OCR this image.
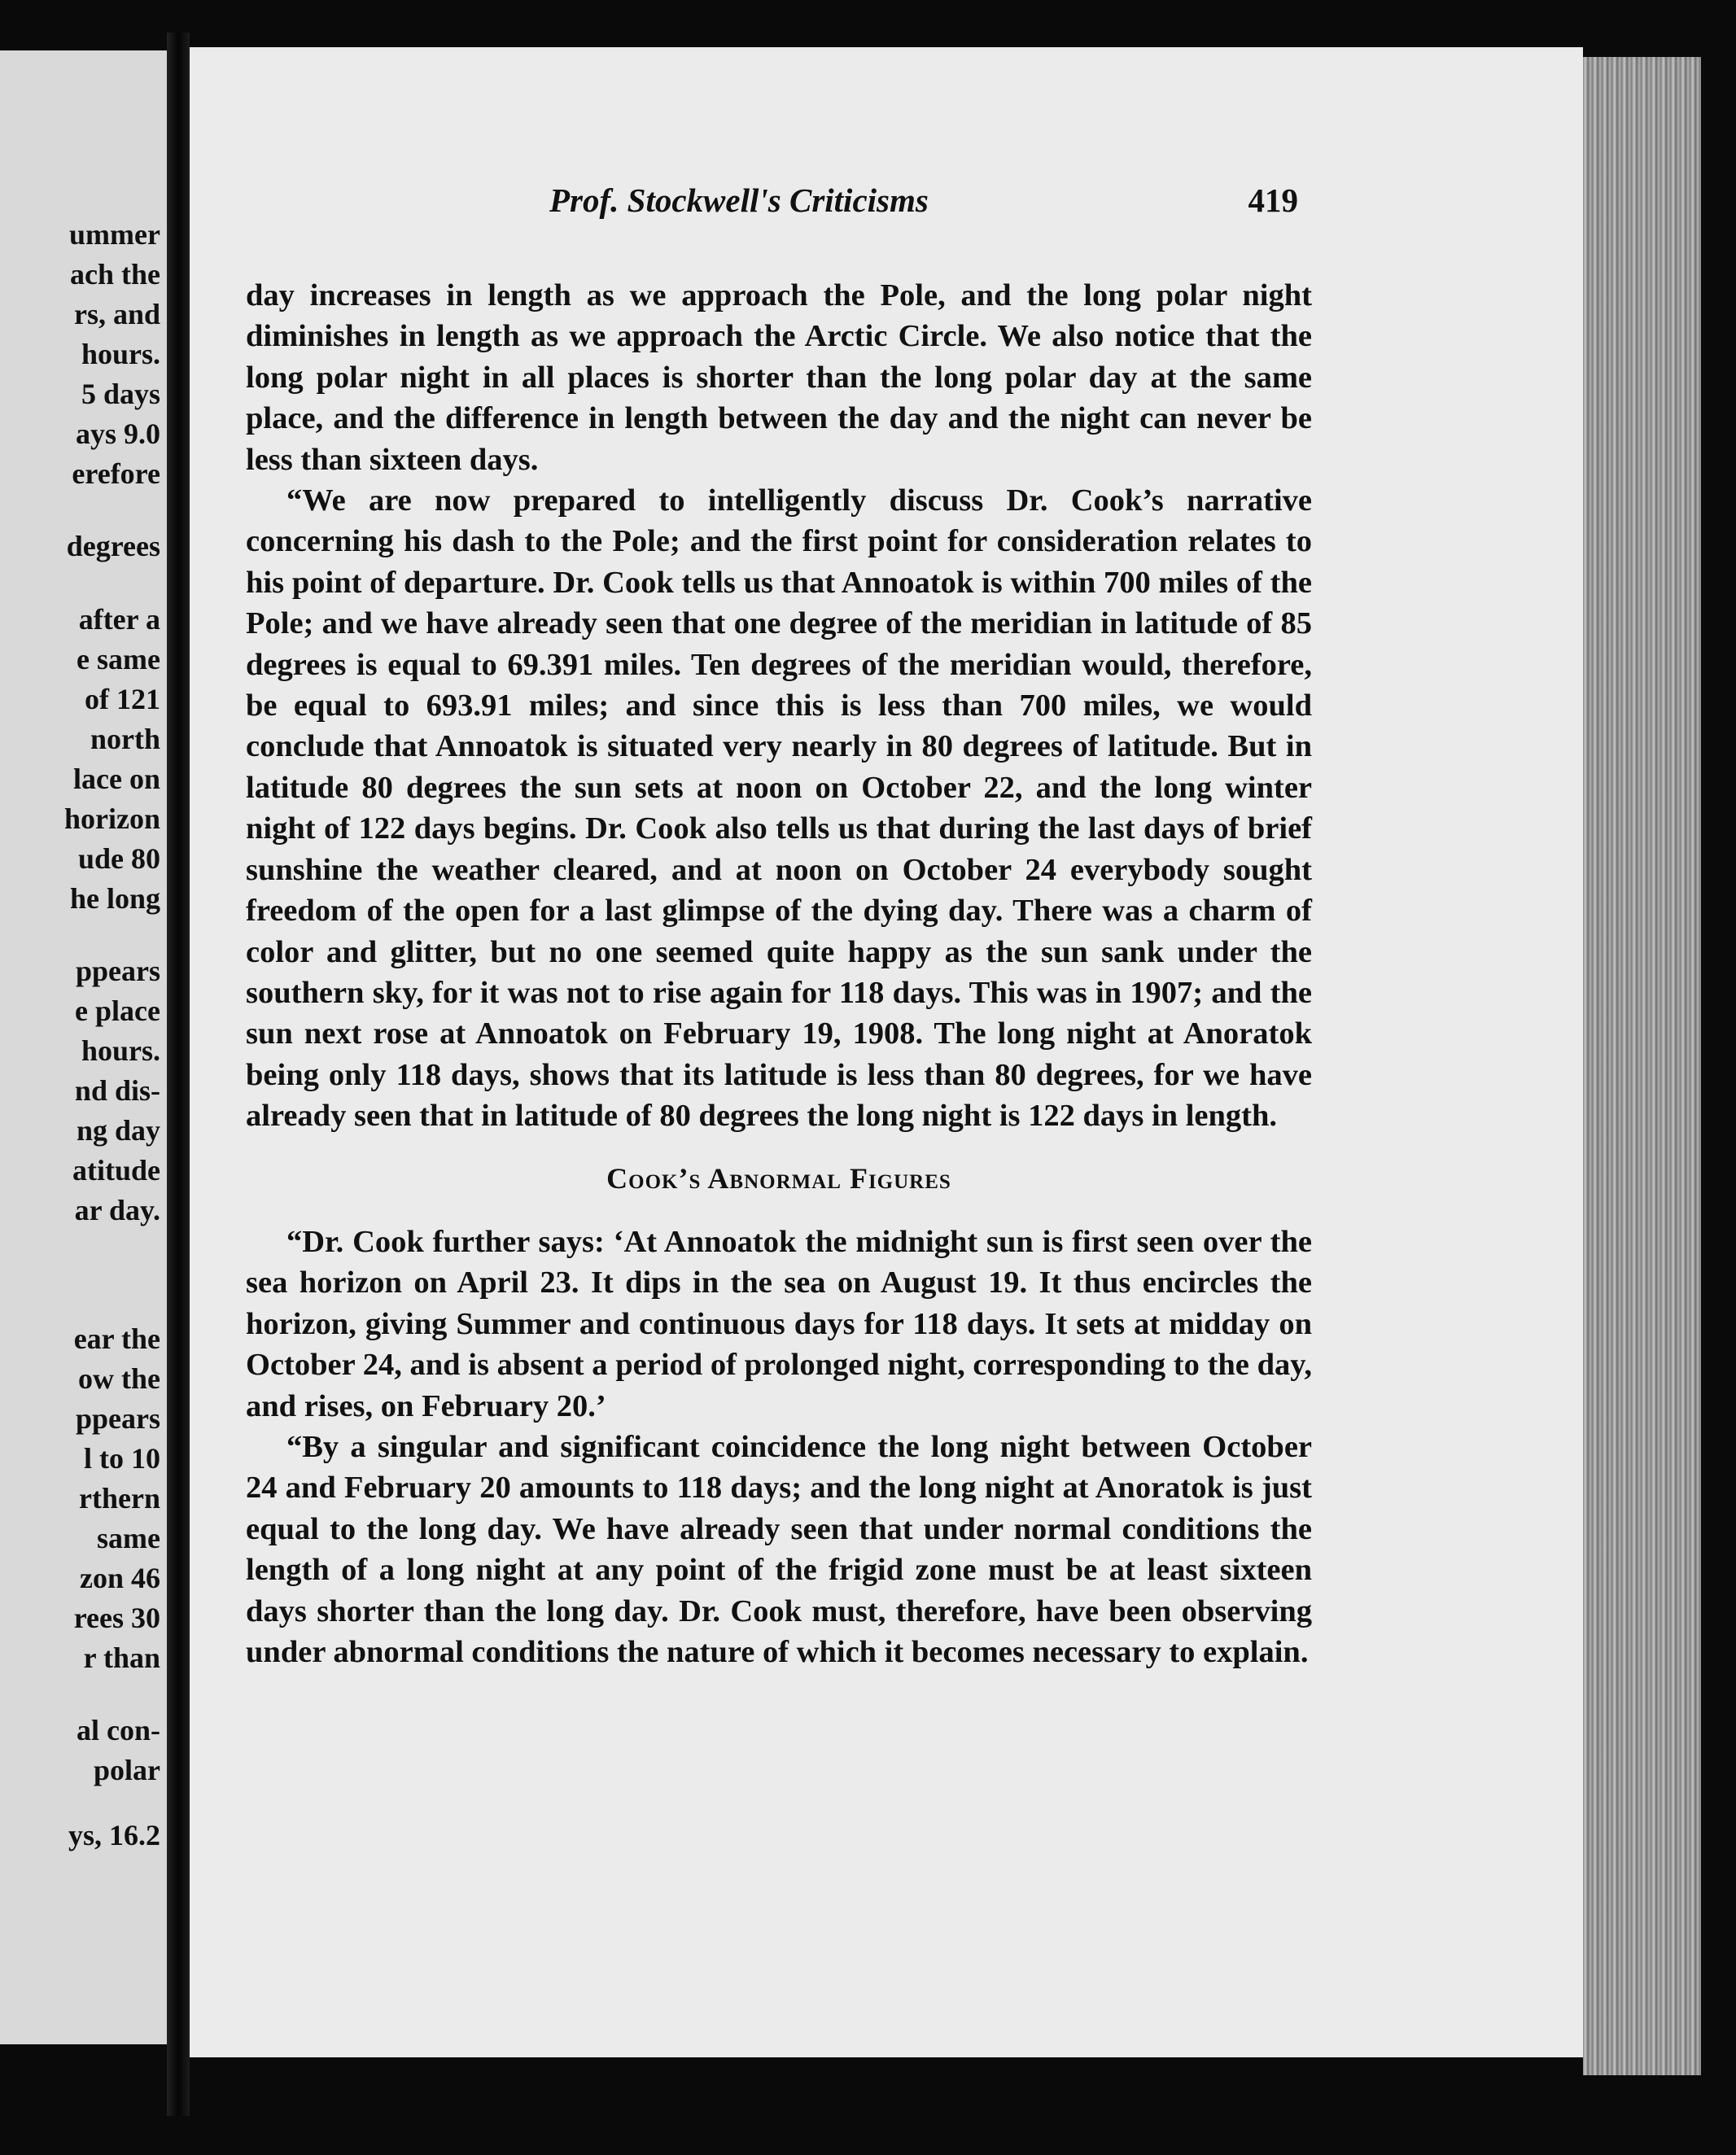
ummer
ach the
rs, and
hours.
5 days
ays 9.0
erefore
degrees
after a
e same
of 121
north
lace on
horizon
ude 80
he long
ppears
e place
hours.
nd dis-
ng day
atitude
ar day.
ear the
ow the
ppears
l to 10
rthern
same
zon 46
rees 30
r than
al con-
polar
ys, 16.2
Prof. Stockwell's Criticisms	419

day increases in length as we approach the Pole, and the long polar night diminishes in length as we approach the Arctic Circle. We also notice that the long polar night in all places is shorter than the long polar day at the same place, and the difference in length between the day and the night can never be less than sixteen days.

“We are now prepared to intelligently discuss Dr. Cook’s narrative concerning his dash to the Pole; and the first point for consideration relates to his point of departure. Dr. Cook tells us that Annoatok is within 700 miles of the Pole; and we have already seen that one degree of the meridian in latitude of 85 degrees is equal to 69.391 miles. Ten degrees of the meridian would, therefore, be equal to 693.91 miles; and since this is less than 700 miles, we would conclude that Annoatok is situated very nearly in 80 degrees of latitude. But in latitude 80 degrees the sun sets at noon on October 22, and the long winter night of 122 days begins. Dr. Cook also tells us that during the last days of brief sunshine the weather cleared, and at noon on October 24 everybody sought freedom of the open for a last glimpse of the dying day. There was a charm of color and glitter, but no one seemed quite happy as the sun sank under the southern sky, for it was not to rise again for 118 days. This was in 1907; and the sun next rose at Annoatok on February 19, 1908. The long night at Anoratok being only 118 days, shows that its latitude is less than 80 degrees, for we have already seen that in latitude of 80 degrees the long night is 122 days in length.

Cook’s Abnormal Figures

“Dr. Cook further says: ‘At Annoatok the midnight sun is first seen over the sea horizon on April 23. It dips in the sea on August 19. It thus encircles the horizon, giving Summer and continuous days for 118 days. It sets at midday on October 24, and is absent a period of prolonged night, corresponding to the day, and rises, on February 20.’

“By a singular and significant coincidence the long night between October 24 and February 20 amounts to 118 days; and the long night at Anoratok is just equal to the long day. We have already seen that under normal conditions the length of a long night at any point of the frigid zone must be at least sixteen days shorter than the long day. Dr. Cook must, therefore, have been observing under abnormal conditions the nature of which it becomes necessary to explain.
